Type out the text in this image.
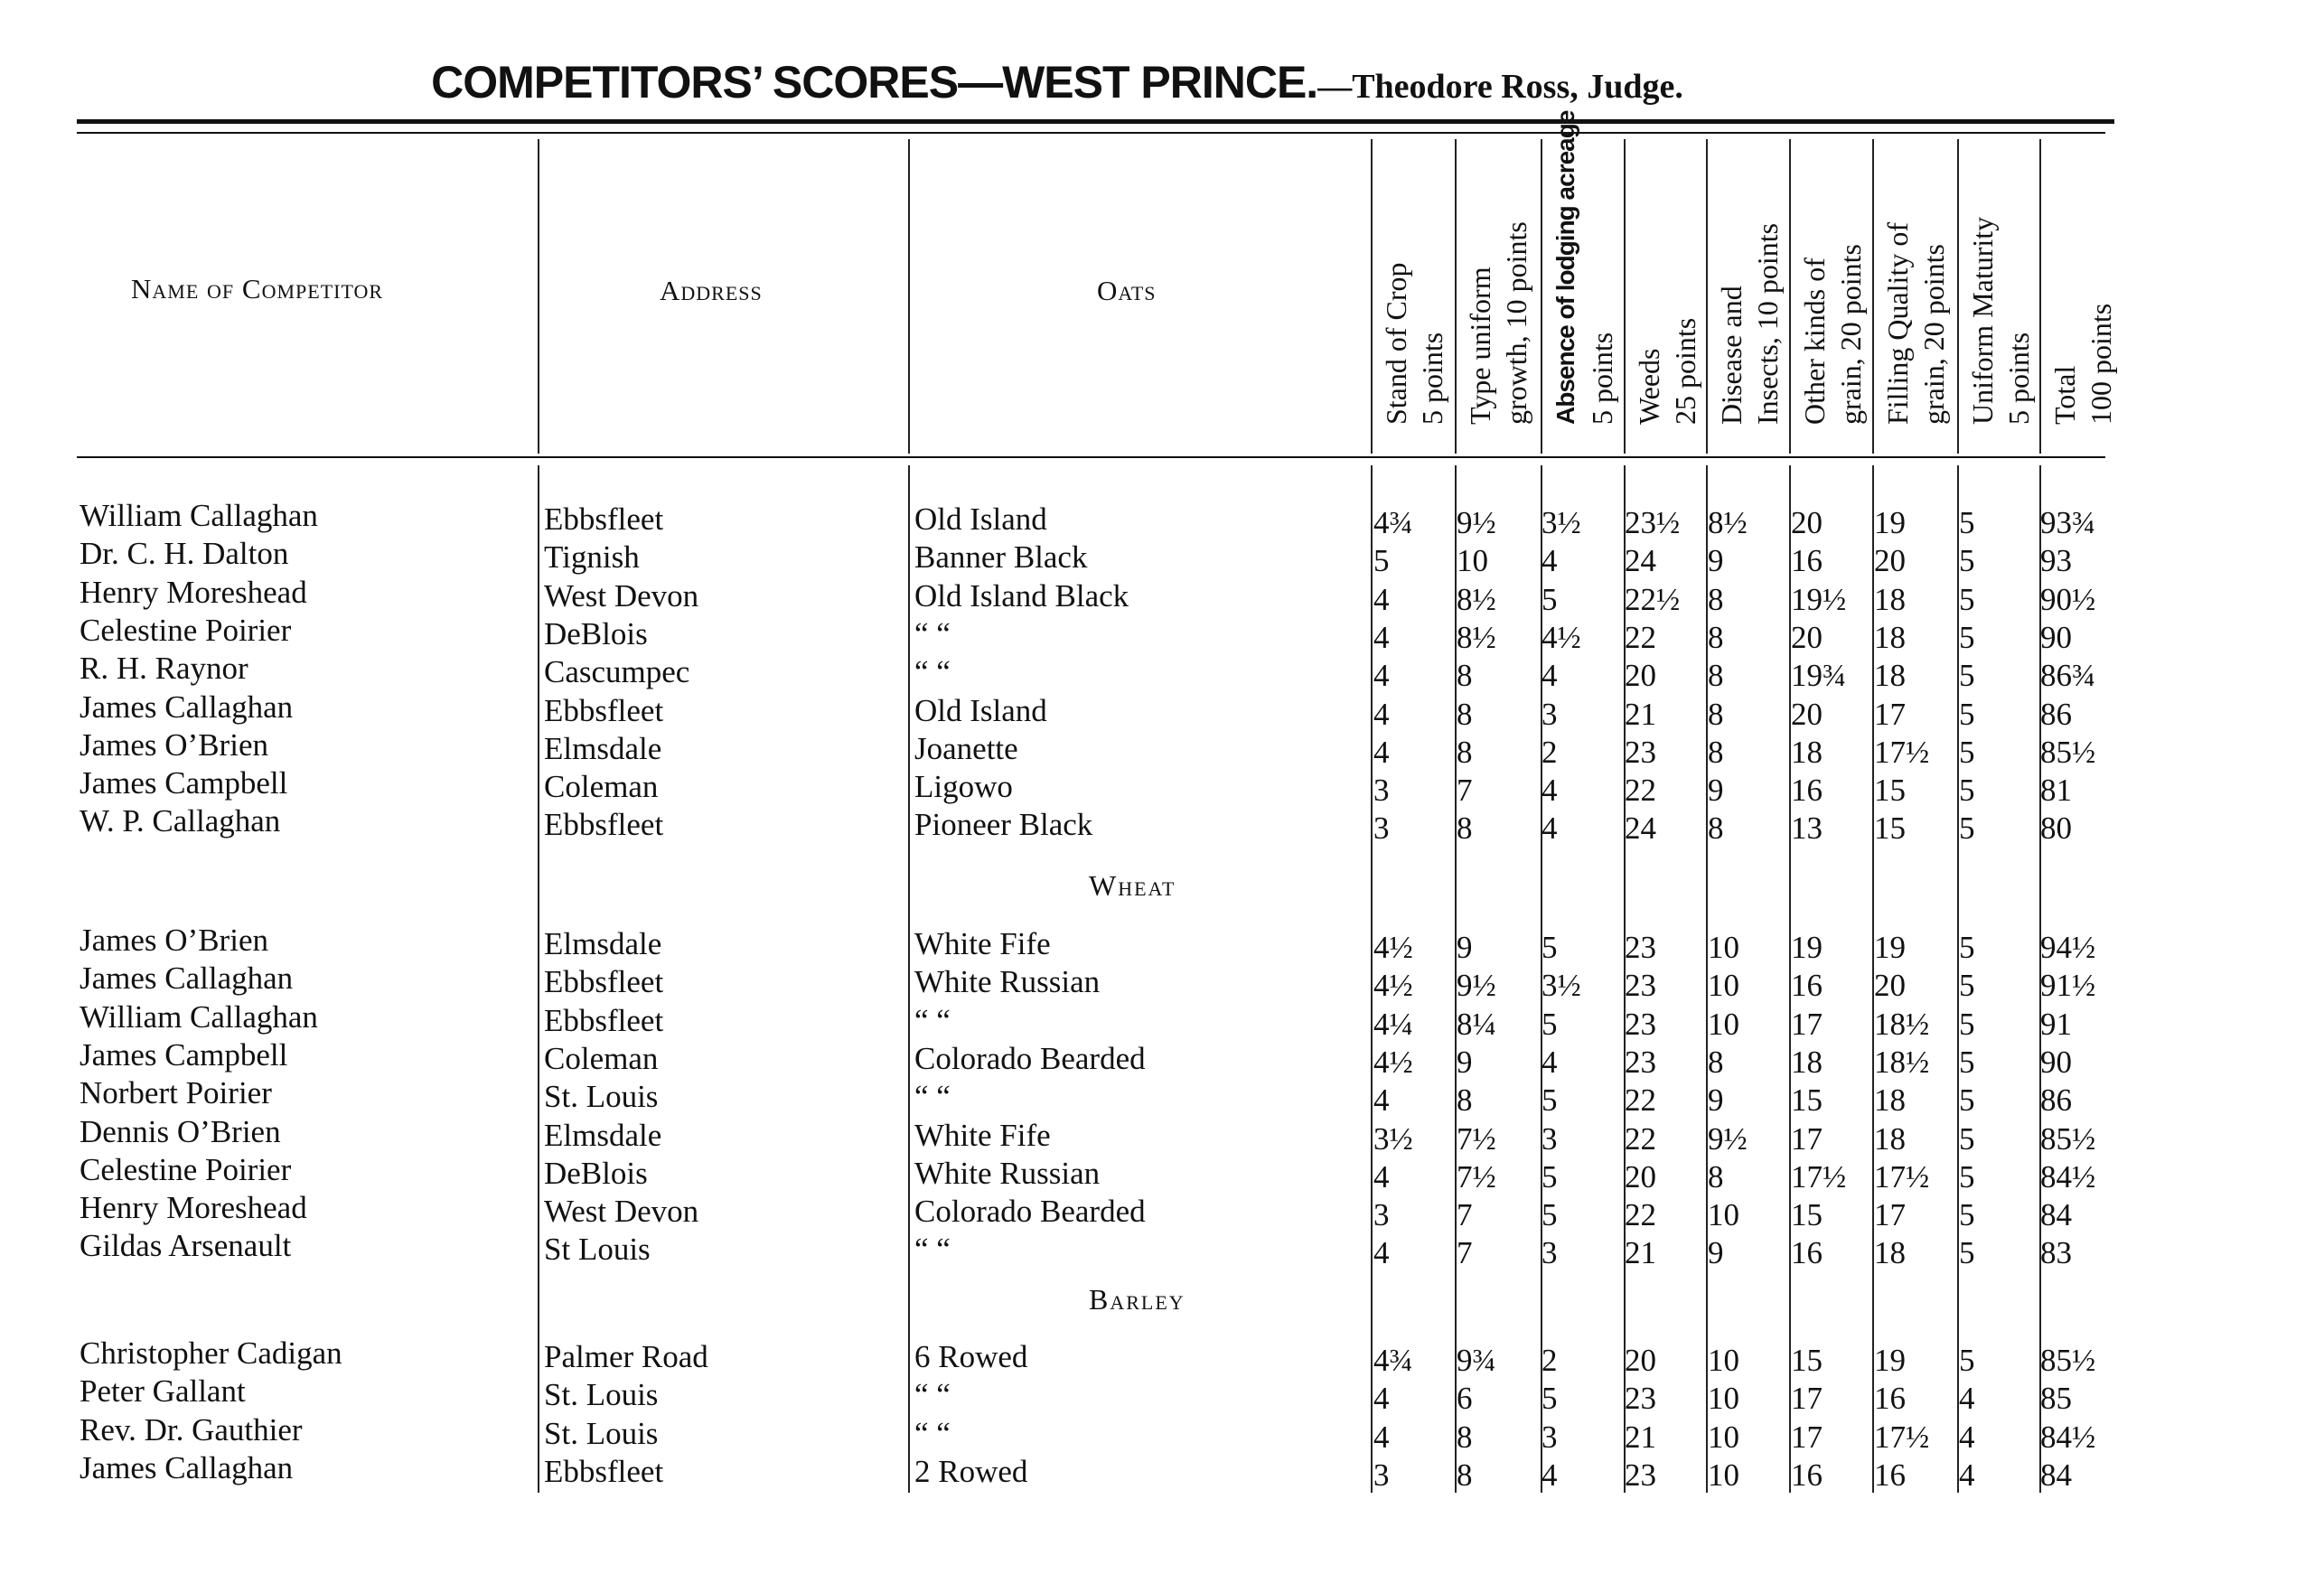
COMPETITORS’ SCORES—WEST PRINCE.—Theodore Ross, Judge.
Name of Competitor	Address	Oats	Stand of Crop 5 points Type uniform growth, 10 points Absence of lodging acreage 5 points Weeds 25 points Disease and Insects, 10 points Other kinds of grain, 20 points Filling Quality of grain, 20 points Uniform Maturity 5 points Total 100 points
William Callaghan	Ebbsfleet	Old Island	4¾ 9½ 3½ 23½ 8½ 20 19 5 93¾
Dr. C. H. Dalton	Tignish	Banner Black	5 10 4 24 9 16 20 5 93
Henry Moreshead	West Devon	Old Island Black	4 8½ 5 22½ 8 19½ 18 5 90½
Celestine Poirier	DeBlois	“ “	4 8½ 4½ 22 8 20 18 5 90
R. H. Raynor	Cascumpec	“ “	4 8 4 20 8 19¾ 18 5 86¾
James Callaghan	Ebbsfleet	Old Island	4 8 3 21 8 20 17 5 86
James O’Brien	Elmsdale	Joanette	4 8 2 23 8 18 17½ 5 85½
James Campbell	Coleman	Ligowo	3 7 4 22 9 16 15 5 81
W. P. Callaghan	Ebbsfleet	Pioneer Black	3 8 4 24 8 13 15 5 80
Wheat
James O’Brien	Elmsdale	White Fife	4½ 9 5 23 10 19 19 5 94½
James Callaghan	Ebbsfleet	White Russian	4½ 9½ 3½ 23 10 16 20 5 91½
William Callaghan	Ebbsfleet	“ “	4¼ 8¼ 5 23 10 17 18½ 5 91
James Campbell	Coleman	Colorado Bearded	4½ 9 4 23 8 18 18½ 5 90
Norbert Poirier	St. Louis	“ “	4 8 5 22 9 15 18 5 86
Dennis O’Brien	Elmsdale	White Fife	3½ 7½ 3 22 9½ 17 18 5 85½
Celestine Poirier	DeBlois	White Russian	4 7½ 5 20 8 17½ 17½ 5 84½
Henry Moreshead	West Devon	Colorado Bearded	3 7 5 22 10 15 17 5 84
Gildas Arsenault	St Louis	“ “	4 7 3 21 9 16 18 5 83
Barley
Christopher Cadigan	Palmer Road	6 Rowed	4¾ 9¾ 2 20 10 15 19 5 85½
Peter Gallant	St. Louis	“ “	4 6 5 23 10 17 16 4 85
Rev. Dr. Gauthier	St. Louis	“ “	4 8 3 21 10 17 17½ 4 84½
James Callaghan	Ebbsfleet	2 Rowed	3 8 4 23 10 16 16 4 84
